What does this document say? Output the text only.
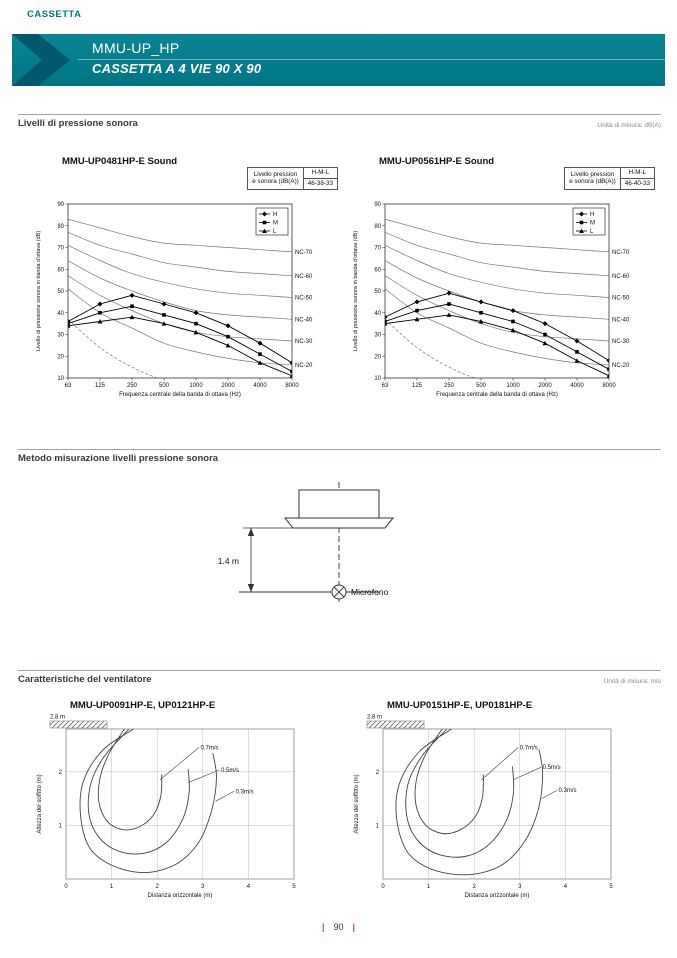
CASSETTA
MMU-UP_HP
CASSETTA A 4 VIE 90 X 90
Livelli di pressione sonora	Unità di misura: dB(A)
MMU-UP0481HP-E Sound
Livello pression
e sonora (dB(A))	H-M-L
46-38-33
10
20
30
40
50
60
70
80
90
63	125	250	500	1000	2000	4000	8000
NC-70
NC-60
NC-50
NC-40
NC-30
NC-20
Frequenza centrale della banda di ottava (Hz)
Livello di pressione sonora in banda d'ottava (dB)
H
M
L
MMU-UP0561HP-E Sound
Livello pression
e sonora (dB(A))	H-M-L
46-40-33
10
20
30
40
50
60
70
80
90
63	125	250	500	1000	2000	4000	8000
NC-70
NC-60
NC-50
NC-40
NC-30
NC-20
Frequenza centrale della banda di ottava (Hz)
Livello di pressione sonora in banda d'ottava (dB)
H
M
L
Metodo misurazione livelli pressione sonora
1.4 m
Microfono
Caratteristiche del ventilatore	Unità di misura: m/s
MMU-UP0091HP-E, UP0121HP-E
2.8 m
0	1	2	3	4	5
1
2
0.7m/s
0.5m/s
0.3m/s
Distanza orizzontale (m)
Altezza del soffitto (m)
MMU-UP0151HP-E, UP0181HP-E
2.8 m
0	1	2	3	4	5
1
2
0.7m/s
0.5m/s
0.3m/s
Distanza orizzontale (m)
Altezza del soffitto (m)
| 90 |
